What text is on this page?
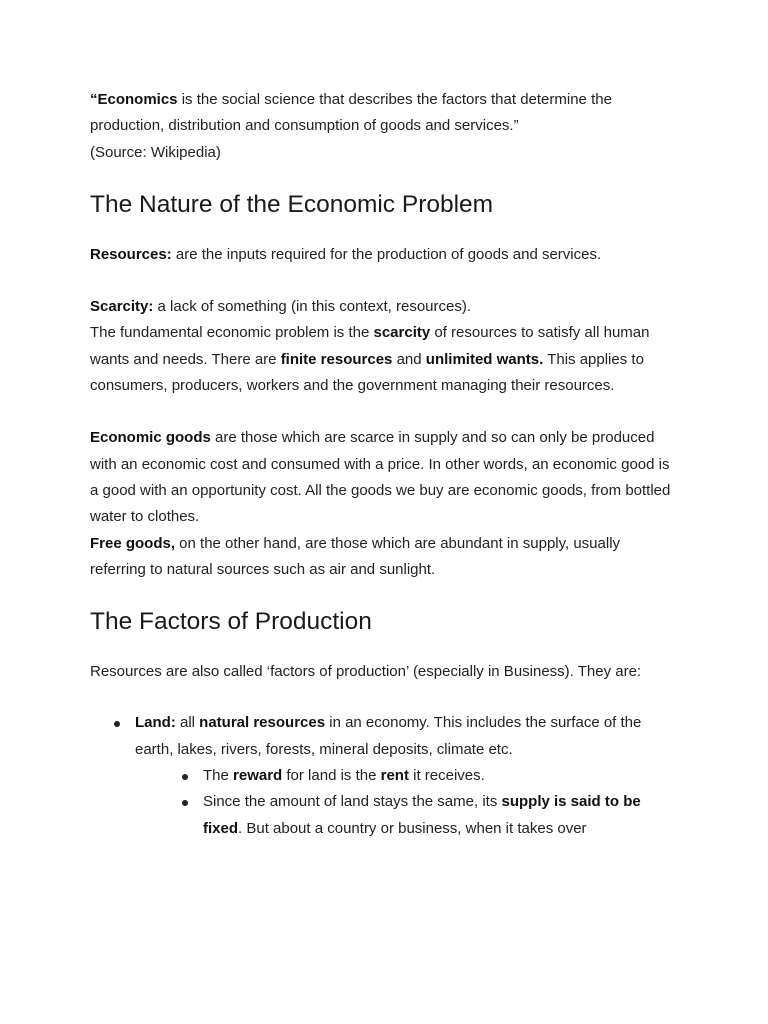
“Economics is the social science that describes the factors that determine the production, distribution and consumption of goods and services.”
(Source: Wikipedia)

The Nature of the Economic Problem

Resources: are the inputs required for the production of goods and services.

Scarcity: a lack of something (in this context, resources).

The fundamental economic problem is the scarcity of resources to satisfy all human wants and needs. There are finite resources and unlimited wants. This applies to consumers, producers, workers and the government managing their resources.

Economic goods are those which are scarce in supply and so can only be produced with an economic cost and consumed with a price. In other words, an economic good is a good with an opportunity cost. All the goods we buy are economic goods, from bottled water to clothes.

Free goods, on the other hand, are those which are abundant in supply, usually referring to natural sources such as air and sunlight.

The Factors of Production

Resources are also called ‘factors of production’ (especially in Business). They are:

Land: all natural resources in an economy. This includes the surface of the earth, lakes, rivers, forests, mineral deposits, climate etc.
The reward for land is the rent it receives.
Since the amount of land stays the same, its supply is said to be fixed. But about a country or business, when it takes over
